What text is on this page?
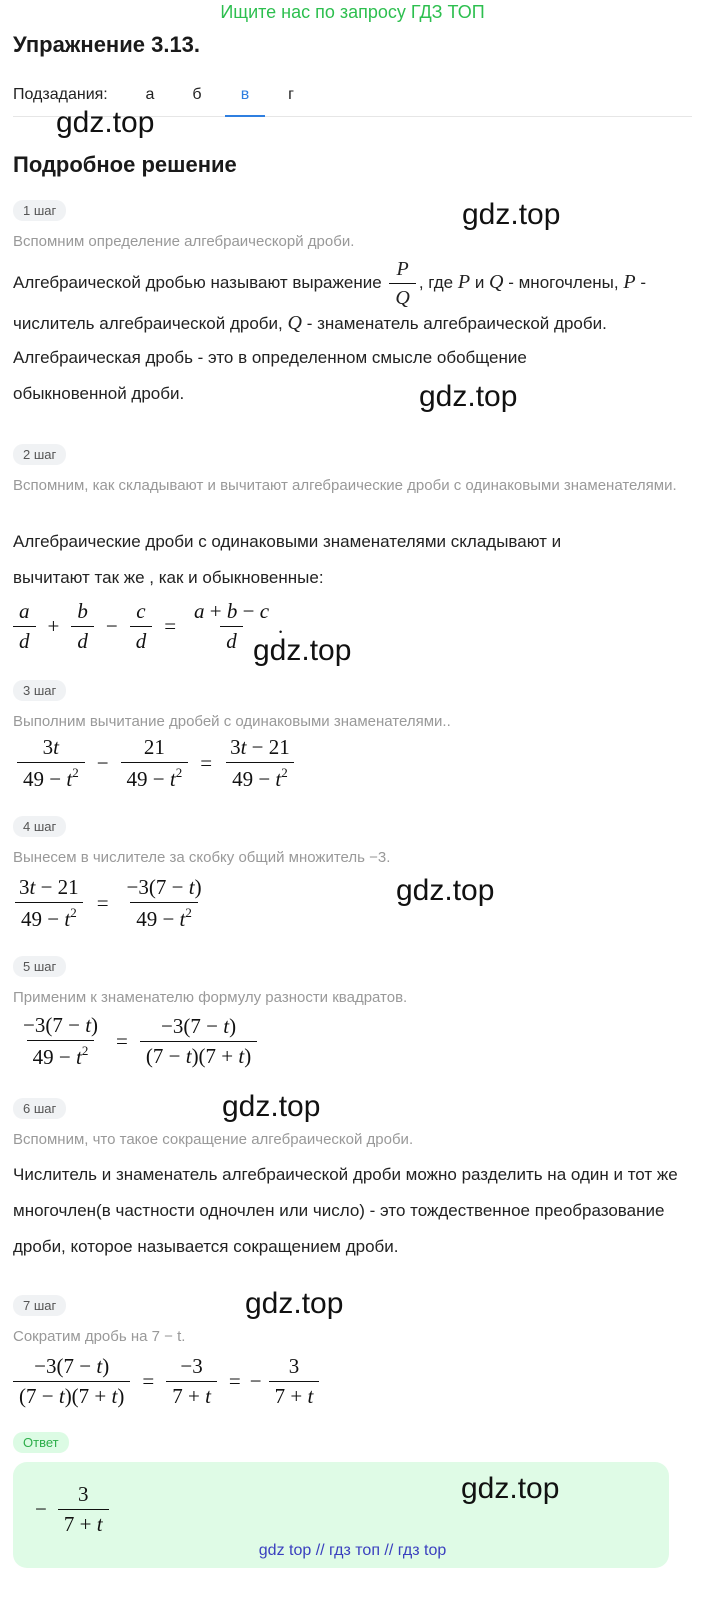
Ищите нас по запросу ГДЗ ТОП
Упражнение 3.13.
Подзадания:	а	б	в	г
gdz.top
Подробное решение
1 шаг	gdz.top
Вспомним определение алгебраическорй дроби.
Алгебраической дробью называют выражение $\frac{P}{Q}$ , где P и Q - многочлены, P -
числитель алгебраической дроби, Q - знаменатель алгебраической дроби.
Алгебраическая дробь - это в определенном смысле обобщение обыкновенной дроби.	gdz.top
2 шаг
Вспомним, как складывают и вычитают алгебраические дроби с одинаковыми знаменателями.
Алгебраические дроби с одинаковыми знаменателями складывают и вычитают так же , как и обыкновенные:
$\frac{a}{d} + \frac{b}{d} - \frac{c}{d} = \frac{a + b - c}{d}$ .
gdz.top
3 шаг
Выполним вычитание дробей с одинаковыми знаменателями..
$\frac{3t}{49 - t^2} - \frac{21}{49 - t^2} = \frac{3t - 21}{49 - t^2}$
4 шаг
Вынесем в числителе за скобку общий множитель −3.
$\frac{3t - 21}{49 - t^2} = \frac{-3(7 - t)}{49 - t^2}$	gdz.top
5 шаг
Применим к знаменателю формулу разности квадратов.
$\frac{-3(7 - t)}{49 - t^2} = \frac{-3(7 - t)}{(7 - t)(7 + t)}$
6 шаг	gdz.top
Вспомним, что такое сокращение алгебраической дроби.
Числитель и знаменатель алгебраической дроби можно разделить на один и тот же многочлен(в частности одночлен или число) - это тождественное преобразование дроби, которое называется сокращением дроби.
7 шаг	gdz.top
Сократим дробь на 7 − t.
$\frac{-3(7 - t)}{(7 - t)(7 + t)} = \frac{-3}{7 + t}$ = − $\frac{3}{7 + t}$
Ответ
− $\frac{3}{7 + t}$	gdz.top
gdz top // гдз топ // гдз top
